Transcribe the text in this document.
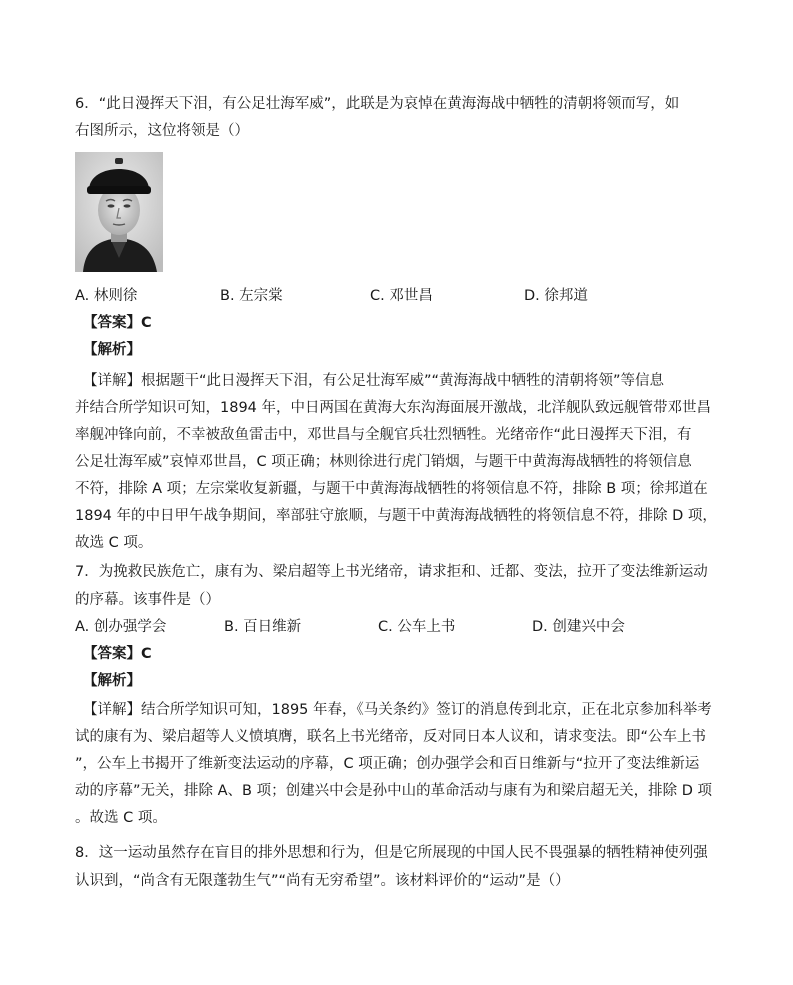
6．“此日漫挥天下泪，有公足壮海军威”，此联是为哀悼在黄海海战中牺牲的清朝将领而写，如
右图所示，这位将领是（）
A. 林则徐	B. 左宗棠	C. 邓世昌	D. 徐邦道
【答案】C
【解析】
【详解】根据题干“此日漫挥天下泪，有公足壮海军威”“黄海海战中牺牲的清朝将领”等信息
并结合所学知识可知，1894 年，中日两国在黄海大东沟海面展开激战，北洋舰队致远舰管带邓世昌
率舰冲锋向前，不幸被敌鱼雷击中，邓世昌与全舰官兵壮烈牺牲。光绪帝作“此日漫挥天下泪，有
公足壮海军威”哀悼邓世昌，C 项正确；林则徐进行虎门销烟，与题干中黄海海战牺牲的将领信息
不符，排除 A 项；左宗棠收复新疆，与题干中黄海海战牺牲的将领信息不符，排除 B 项；徐邦道在
1894 年的中日甲午战争期间，率部驻守旅顺，与题干中黄海海战牺牲的将领信息不符，排除 D 项，
故选 C 项。
7．为挽救民族危亡，康有为、梁启超等上书光绪帝，请求拒和、迁都、变法，拉开了变法维新运动
的序幕。该事件是（）
A. 创办强学会	B. 百日维新	C. 公车上书	D. 创建兴中会
【答案】C
【解析】
【详解】结合所学知识可知，1895 年春，《马关条约》签订的消息传到北京，正在北京参加科举考
试的康有为、梁启超等人义愤填膺，联名上书光绪帝，反对同日本人议和，请求变法。即“公车上书
”，公车上书揭开了维新变法运动的序幕，C 项正确；创办强学会和百日维新与“拉开了变法维新运
动的序幕”无关，排除 A、B 项；创建兴中会是孙中山的革命活动与康有为和梁启超无关，排除 D 项
。故选 C 项。
8．这一运动虽然存在盲目的排外思想和行为，但是它所展现的中国人民不畏强暴的牺牲精神使列强
认识到，“尚含有无限蓬勃生气”“尚有无穷希望”。该材料评价的“运动”是（）
